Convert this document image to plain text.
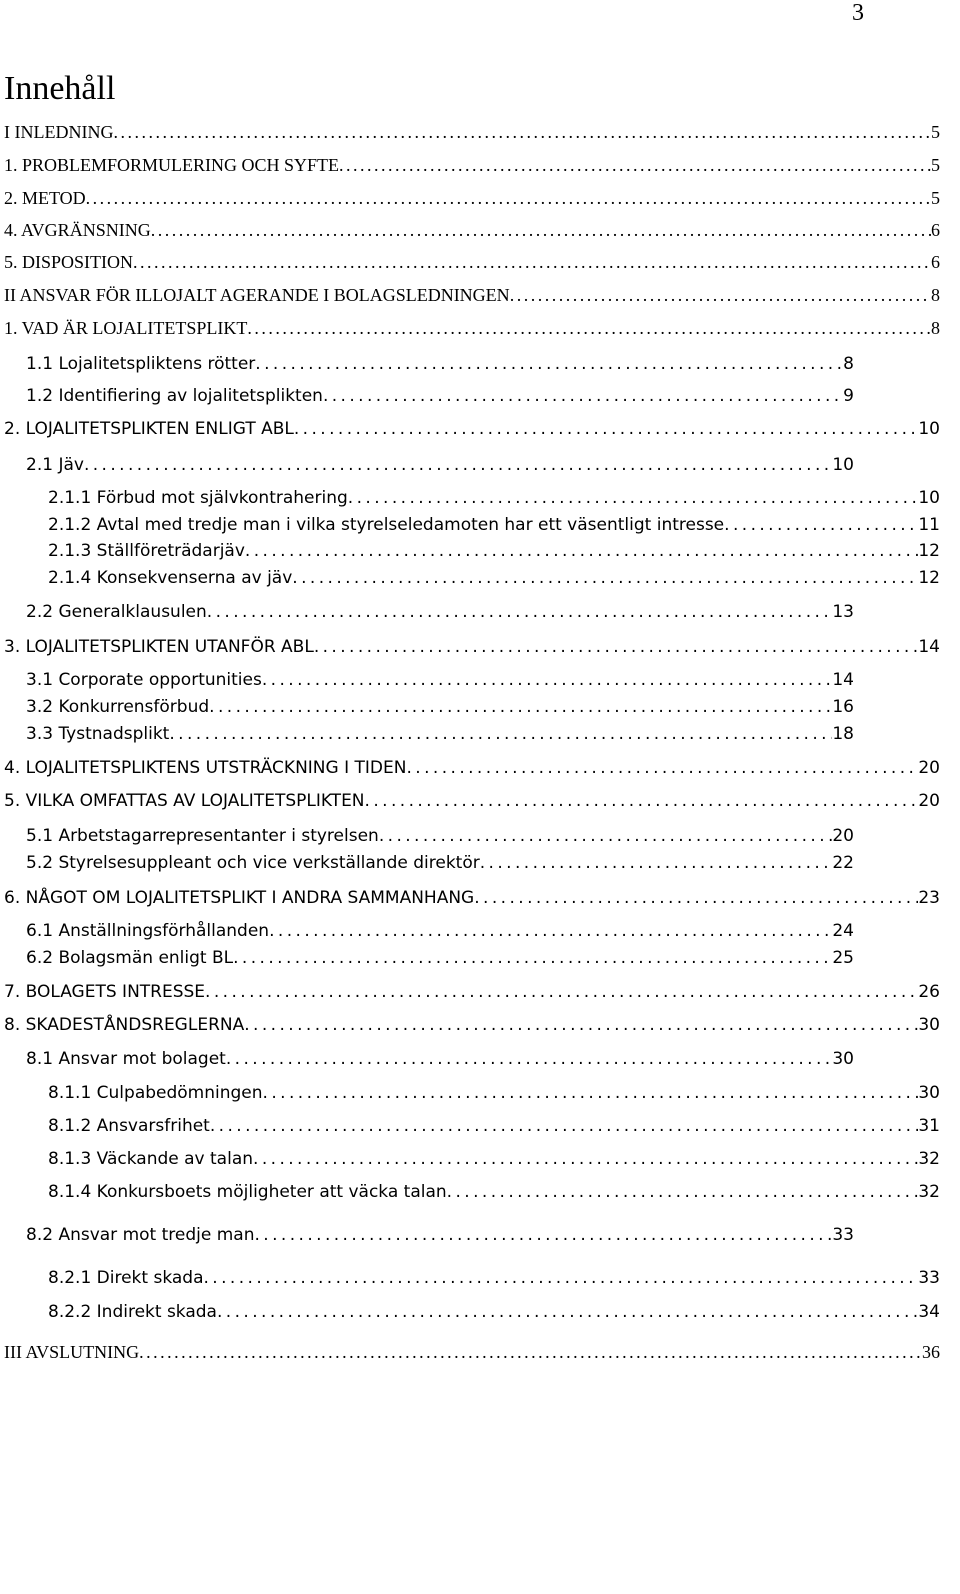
3
Innehåll
I INLEDNING . . .	5
1. PROBLEMFORMULERING OCH SYFTE . . .	5
2. METOD . . .	5
4. AVGRÄNSNING . . .	6
5. DISPOSITION . . .	6
II ANSVAR FÖR ILLOJALT AGERANDE I BOLAGSLEDNINGEN . . .	8
1. VAD ÄR LOJALITETSPLIKT . . .	8
1.1 Lojalitetspliktens rötter . . .	8
1.2 Identifiering av lojalitetsplikten . . .	9
2. LOJALITETSPLIKTEN ENLIGT ABL . . .	10
2.1 Jäv . . .	10
2.1.1 Förbud mot självkontrahering . . .	10
2.1.2 Avtal med tredje man i vilka styrelseledamoten har ett väsentligt intresse . . .	11
2.1.3 Ställföreträdarjäv . . .	12
2.1.4 Konsekvenserna av jäv . . .	12
2.2 Generalklausulen . . .	13
3. LOJALITETSPLIKTEN UTANFÖR ABL . . .	14
3.1 Corporate opportunities . . .	14
3.2 Konkurrensförbud . . .	16
3.3 Tystnadsplikt . . .	18
4. LOJALITETSPLIKTENS UTSTRÄCKNING I TIDEN . . .	20
5. VILKA OMFATTAS AV LOJALITETSPLIKTEN . . .	20
5.1 Arbetstagarrepresentanter i styrelsen . . .	20
5.2 Styrelsesuppleant och vice verkställande direktör . . .	22
6. NÅGOT OM LOJALITETSPLIKT I ANDRA SAMMANHANG . . .	23
6.1 Anställningsförhållanden . . .	24
6.2 Bolagsmän enligt BL . . .	25
7. BOLAGETS INTRESSE . . .	26
8. SKADESTÅNDSREGLERNA . . .	30
8.1 Ansvar mot bolaget . . .	30
8.1.1 Culpabedömningen . . .	30
8.1.2 Ansvarsfrihet . . .	31
8.1.3 Väckande av talan . . .	32
8.1.4 Konkursboets möjligheter att väcka talan . . .	32
8.2 Ansvar mot tredje man . . .	33
8.2.1 Direkt skada . . .	33
8.2.2 Indirekt skada . . .	34
III AVSLUTNING . . .	36
